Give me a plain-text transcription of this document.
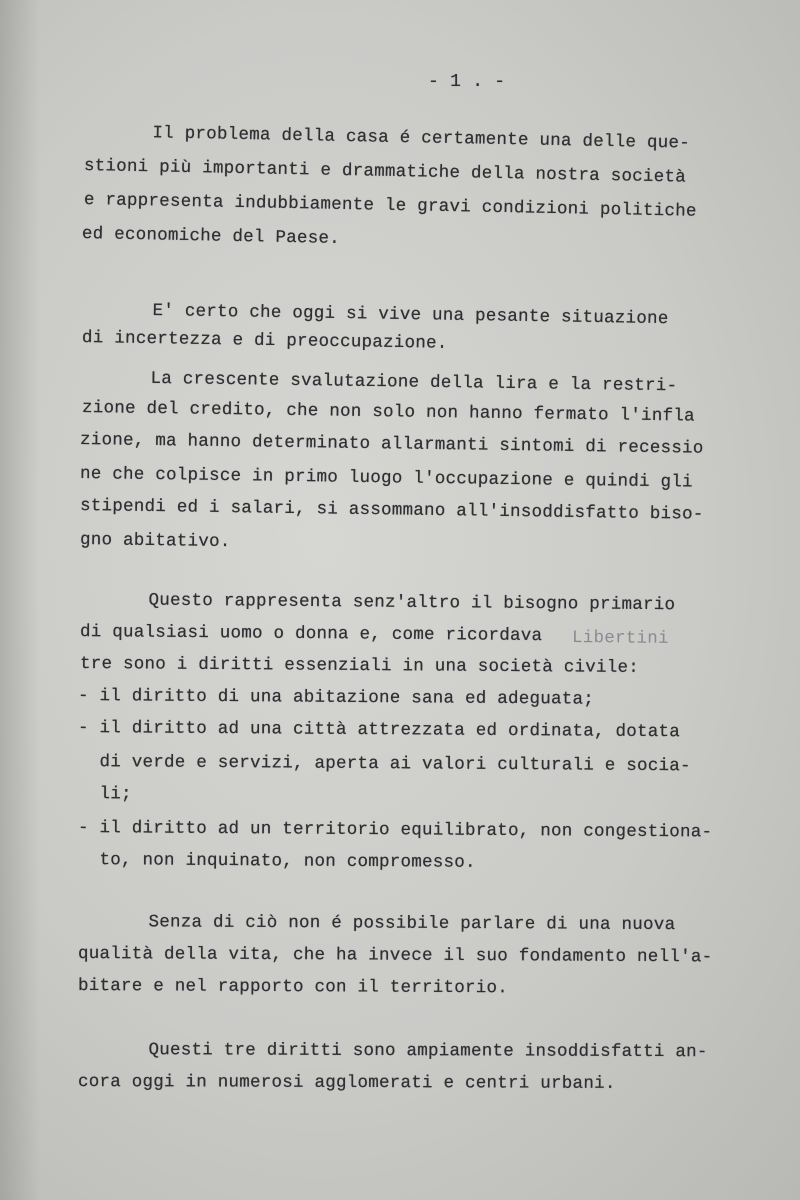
- 1 . -
Il problema della casa é certamente una delle que-
stioni più importanti e drammatiche della nostra società
e rappresenta indubbiamente le gravi condizioni politiche
ed economiche del Paese.
E' certo che oggi si vive una pesante situazione
di incertezza e di preoccupazione.
La crescente svalutazione della lira e la restri-
zione del credito, che non solo non hanno fermato l'infla
zione, ma hanno determinato allarmanti sintomi di recessio
ne che colpisce in primo luogo l'occupazione e quindi gli
stipendi ed i salari, si assommano all'insoddisfatto biso-
gno abitativo.
Questo rappresenta senz'altro il bisogno primario
di qualsiasi uomo o donna e, come ricordava Libertini
tre sono i diritti essenziali in una società civile:
- il diritto di una abitazione sana ed adeguata;
- il diritto ad una città attrezzata ed ordinata, dotata
di verde e servizi, aperta ai valori culturali e socia-
li;
- il diritto ad un territorio equilibrato, non congestiona-
to, non inquinato, non compromesso.
Senza di ciò non é possibile parlare di una nuova
qualità della vita, che ha invece il suo fondamento nell'a-
bitare e nel rapporto con il territorio.
Questi tre diritti sono ampiamente insoddisfatti an-
cora oggi in numerosi agglomerati e centri urbani.
